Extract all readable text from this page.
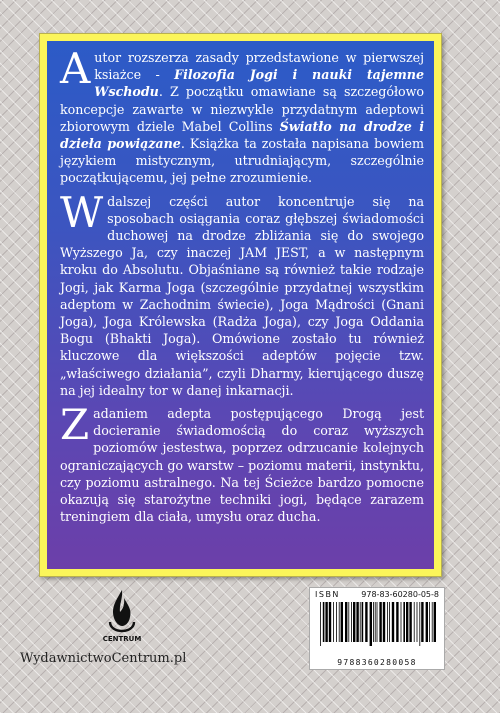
Autor rozszerza zasady przedstawione w pierwszej ksiażce - Filozofia Jogi i nauki tajemne Wschodu. Z początku omawiane są szczegółowo koncepcje zawarte w niezwykle przydatnym adeptowi zbiorowym dziele Mabel Collins Światło na drodze i dzieła powiązane. Książka ta została napisana bowiem językiem mistycznym, utrudniającym, szczególnie początkującemu, jej pełne zrozumienie.

W dalszej części autor koncentruje się na sposobach osiągania coraz głębszej świadomości duchowej na drodze zbliżania się do swojego Wyższego Ja, czy inaczej JAM JEST, a w następnym kroku do Absolutu. Objaśniane są również takie rodzaje Jogi, jak Karma Joga (szczególnie przydatnej wszystkim adeptom w Zachodnim świecie), Joga Mądrości (Gnani Joga), Joga Królewska (Radża Joga), czy Joga Oddania Bogu (Bhakti Joga). Omówione zostało tu również kluczowe dla większości adeptów pojęcie tzw. „właściwego działania”, czyli Dharmy, kierującego duszę na jej idealny tor w danej inkarnacji.

Zadaniem adepta postępującego Drogą jest docieranie świadomością do coraz wyższych poziomów jestestwa, poprzez odrzucanie kolejnych ograniczających go warstw – poziomu materii, instynktu, czy poziomu astralnego. Na tej Ścieżce bardzo pomocne okazują się starożytne techniki jogi, będące zarazem treningiem dla ciała, umysłu oraz ducha.

CENTRUM
WydawnictwoCentrum.pl
ISBN	978-83-60280-05-8
9788360280058
